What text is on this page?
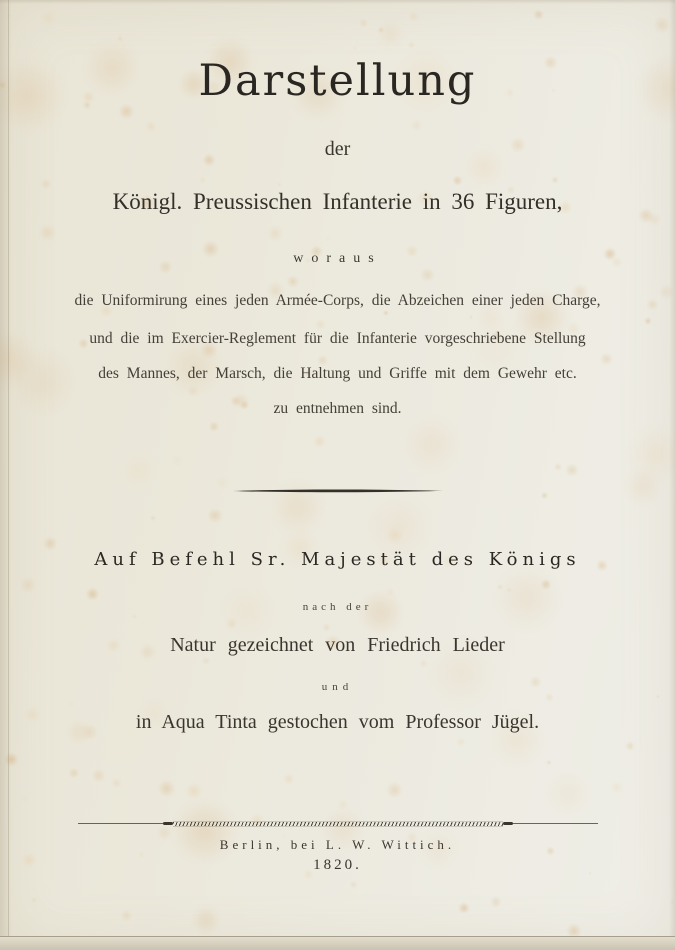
Darstellung
der
Königl. Preussischen Infanterie in 36 Figuren,
woraus
die Uniformirung eines jeden Armée-Corps, die Abzeichen einer jeden Charge,
und die im Exercier-Reglement für die Infanterie vorgeschriebene Stellung
des Mannes, der Marsch, die Haltung und Griffe mit dem Gewehr etc.
zu entnehmen sind.
Auf Befehl Sr. Majestät des Königs
nach der
Natur gezeichnet von Friedrich Lieder
und
in Aqua Tinta gestochen vom Professor Jügel.
Berlin, bei L. W. Wittich.
1820.
